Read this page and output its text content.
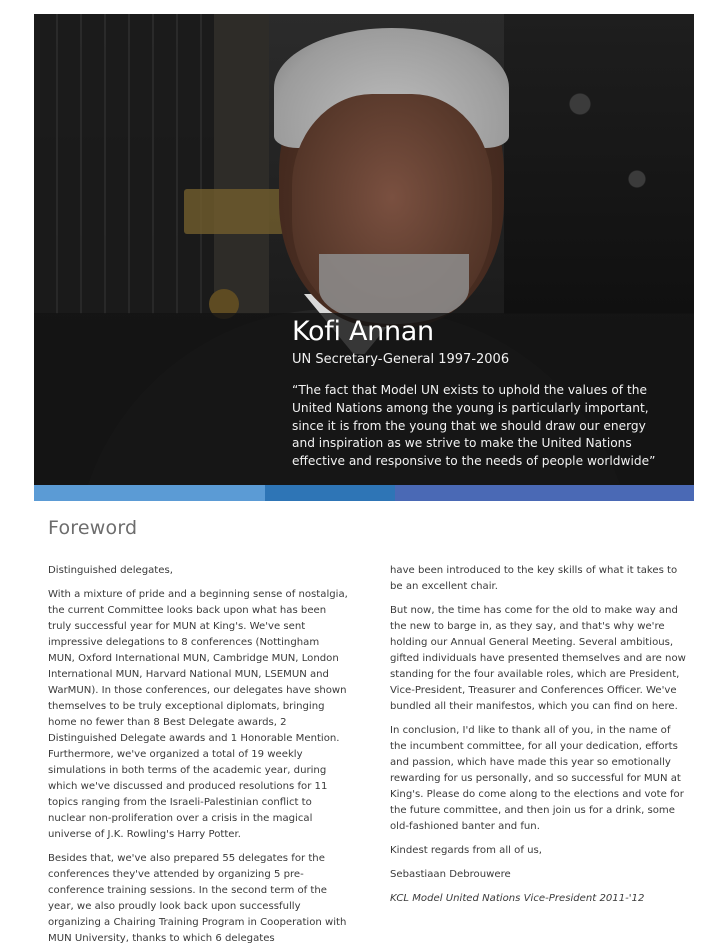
Kofi Annan
UN Secretary-General 1997-2006
“The fact that Model UN exists to uphold the values of the United Nations among the young is particularly important, since it is from the young that we should draw our energy and inspiration as we strive to make the United Nations effective and responsive to the needs of people worldwide”
Foreword

Distinguished delegates,

With a mixture of pride and a beginning sense of nostalgia, the current Committee looks back upon what has been truly successful year for MUN at King's. We've sent impressive delegations to 8 conferences (Nottingham MUN, Oxford International MUN, Cambridge MUN, London International MUN, Harvard National MUN, LSEMUN and WarMUN). In those conferences, our delegates have shown themselves to be truly exceptional diplomats, bringing home no fewer than 8 Best Delegate awards, 2 Distinguished Delegate awards and 1 Honorable Mention. Furthermore, we've organized a total of 19 weekly simulations in both terms of the academic year, during which we've discussed and produced resolutions for 11 topics ranging from the Israeli-Palestinian conflict to nuclear non-proliferation over a crisis in the magical universe of J.K. Rowling's Harry Potter.

Besides that, we've also prepared 55 delegates for the conferences they've attended by organizing 5 pre-conference training sessions. In the second term of the year, we also proudly look back upon successfully organizing a Chairing Training Program in Cooperation with MUN University, thanks to which 6 delegates

have been introduced to the key skills of what it takes to be an excellent chair.

But now, the time has come for the old to make way and the new to barge in, as they say, and that's why we're holding our Annual General Meeting. Several ambitious, gifted individuals have presented themselves and are now standing for the four available roles, which are President, Vice-President, Treasurer and Conferences Officer. We've bundled all their manifestos, which you can find on here.

In conclusion, I'd like to thank all of you, in the name of the incumbent committee, for all your dedication, efforts and passion, which have made this year so emotionally rewarding for us personally, and so successful for MUN at King's. Please do come along to the elections and vote for the future committee, and then join us for a drink, some old-fashioned banter and fun.

Kindest regards from all of us,

Sebastiaan Debrouwere

KCL Model United Nations Vice-President 2011-'12
